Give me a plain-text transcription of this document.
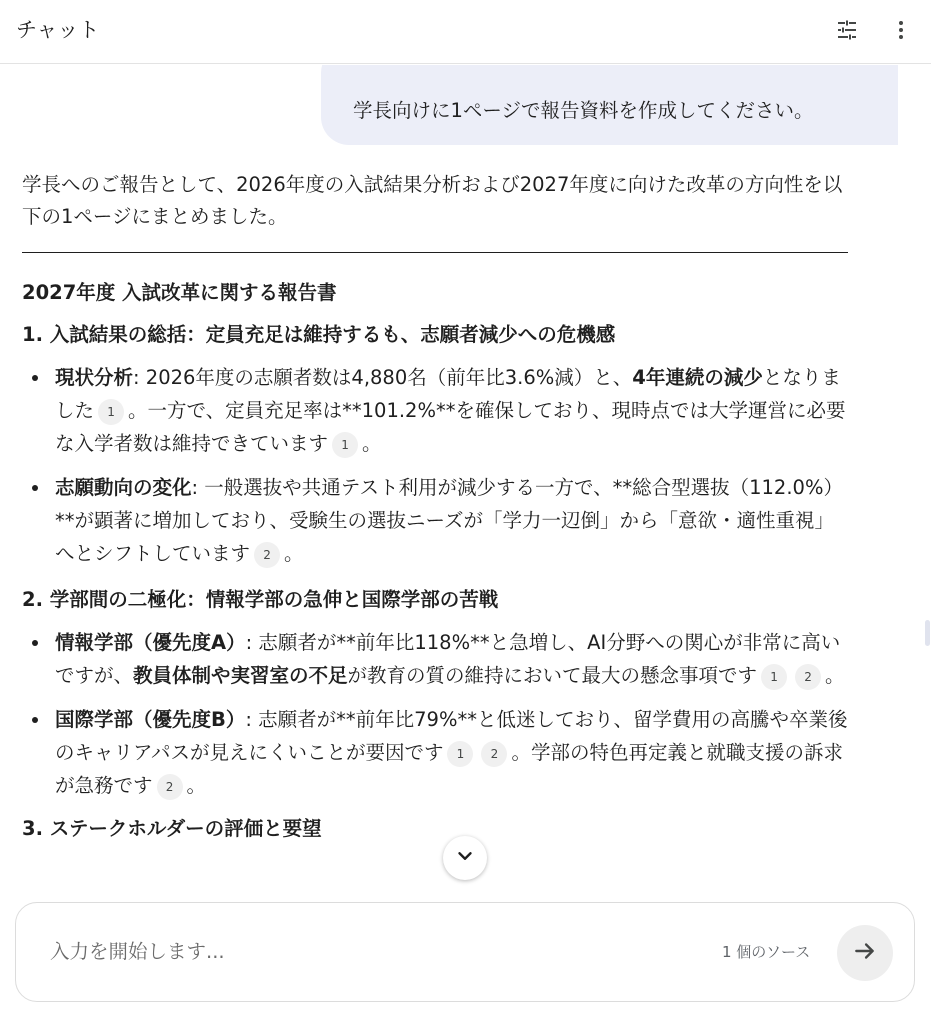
チャット
学長向けに1ページで報告資料を作成してください。

学長へのご報告として、2026年度の入試結果分析および2027年度に向けた改革の方向性を以下の1ページにまとめました。

2027年度 入試改革に関する報告書
1. 入試結果の総括：定員充足は維持するも、志願者減少への危機感
現状分析: 2026年度の志願者数は4,880名（前年比3.6%減）と、4年連続の減少となりました 1 。一方で、定員充足率は**101.2%**を確保しており、現時点では大学運営に必要な入学者数は維持できています 1 。
志願動向の変化: 一般選抜や共通テスト利用が減少する一方で、**総合型選抜（112.0%）**が顕著に増加しており、受験生の選抜ニーズが「学力一辺倒」から「意欲・適性重視」へとシフトしています 2 。
2. 学部間の二極化：情報学部の急伸と国際学部の苦戦
情報学部（優先度A）: 志願者が**前年比118%**と急増し、AI分野への関心が非常に高いですが、教員体制や実習室の不足が教育の質の維持において最大の懸念事項です 1 2 。
国際学部（優先度B）: 志願者が**前年比79%**と低迷しており、留学費用の高騰や卒業後のキャリアパスが見えにくいことが要因です 1 2 。学部の特色再定義と就職支援の訴求が急務です 2 。
3. ステークホルダーの評価と要望
入力を開始します...	1 個のソース
